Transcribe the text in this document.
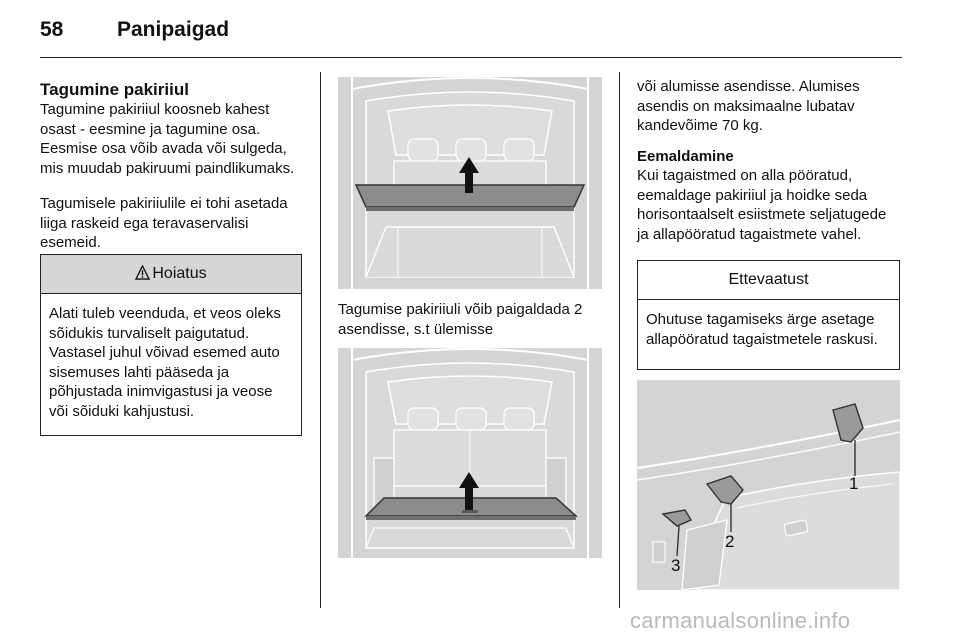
58	Panipaigad
Tagumine pakiriiul
Tagumine pakiriiul koosneb kahest osast - eesmine ja tagumine osa. Eesmise osa võib avada või sulgeda, mis muudab pakiruumi paindlikumaks.
Tagumisele pakiriiulile ei tohi asetada liiga raskeid ega teravaservalisi esemeid.
Hoiatus
Alati tuleb veenduda, et veos oleks sõidukis turvaliselt paigutatud. Vastasel juhul võivad esemed auto sisemuses lahti pääseda ja põhjustada inimvigastusi ja veose või sõiduki kahjustusi.
Tagumise pakiriiuli võib paigaldada 2 asendisse, s.t ülemisse
või alumisse asendisse. Alumises asendis on maksimaalne lubatav kandevõime 70 kg.
Eemaldamine
Kui tagaistmed on alla pööratud, eemaldage pakiriiul ja hoidke seda horisontaalselt esiistmete seljatugede ja allapööratud tagaistmete vahel.
Ettevaatust
Ohutuse tagamiseks ärge asetage allapööratud tagaistmetele raskusi.
1
2
3
carmanualsonline.info
